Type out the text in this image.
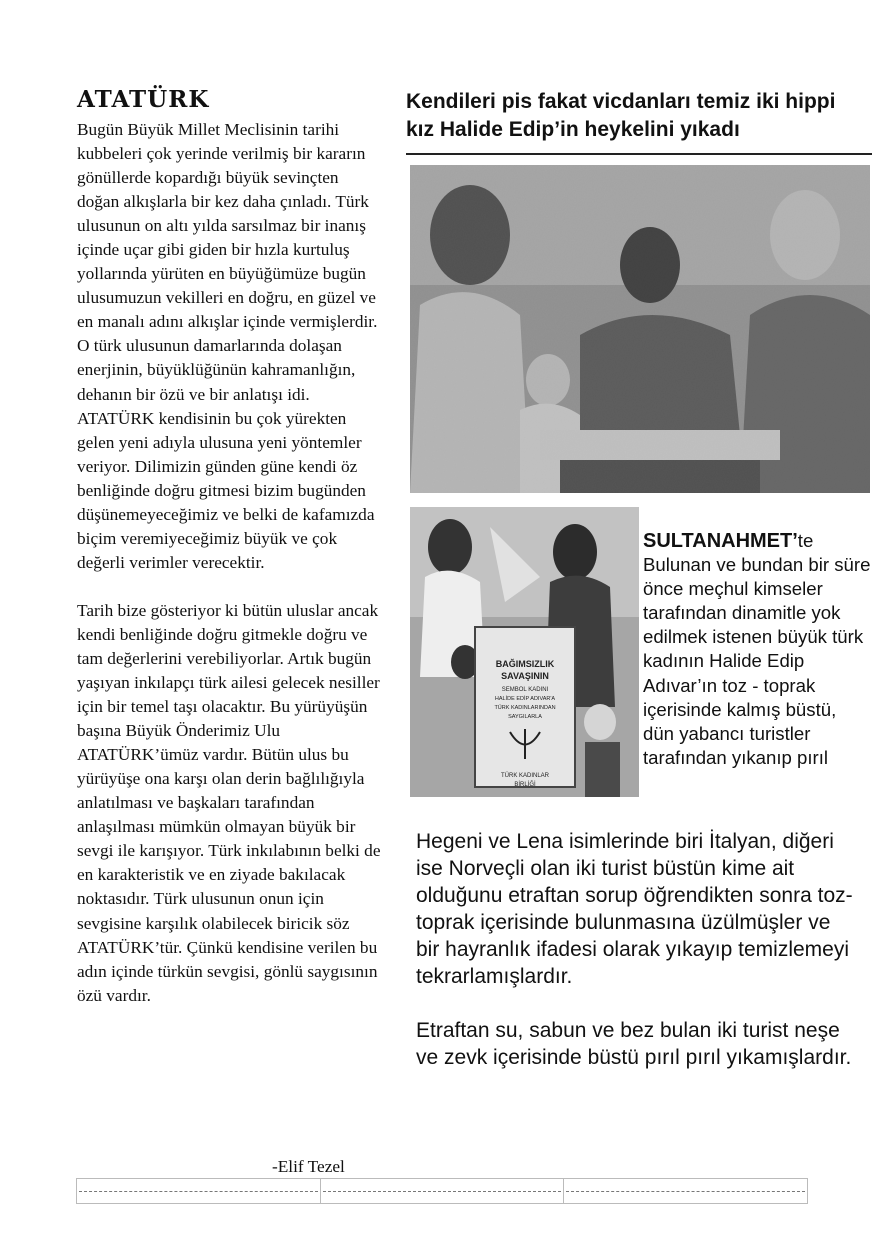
ATATÜRK

Bugün Büyük Millet Meclisinin tarihi kubbeleri çok yerinde verilmiş bir kararın gönüllerde kopardığı büyük sevinçten doğan alkışlarla bir kez daha çınladı. Türk ulusunun on altı yılda sarsılmaz bir inanış içinde uçar gibi giden bir hızla kurtuluş yollarında yürüten en büyüğümüze bugün ulusumuzun vekilleri en doğru, en güzel ve en manalı adını alkışlar içinde vermişlerdir. O türk ulusunun damarlarında dolaşan enerjinin, büyüklüğünün kahramanlığın, dehanın bir özü ve bir anlatışı idi. ATATÜRK kendisinin bu çok yürekten gelen yeni adıyla ulusuna yeni yöntemler veriyor. Dilimizin günden güne kendi öz benliğinde doğru gitmesi bizim bugünden düşünemeyeceğimiz ve belki de kafamızda biçim veremiyeceğimiz büyük ve çok değerli verimler verecektir.

Tarih bize gösteriyor ki bütün uluslar ancak kendi benliğinde doğru gitmekle doğru ve tam değerlerini verebiliyorlar. Artık bugün yaşıyan inkılapçı türk ailesi gelecek nesiller için bir temel taşı olacaktır. Bu yürüyüşün başına Büyük Önderimiz Ulu ATATÜRK’ümüz vardır. Bütün ulus bu yürüyüşe ona karşı olan derin bağlılığıyla anlatılması ve başkaları tarafından anlaşılması mümkün olmayan büyük bir sevgi ile karışıyor. Türk inkılabının belki de en karakteristik ve en ziyade bakılacak noktasıdır. Türk ulusunun onun için sevgisine karşılık olabilecek biricik söz ATATÜRK’tür. Çünkü kendisine verilen bu adın içinde türkün sevgisi, gönlü saygısının özü vardır.

-Elif Tezel
Kendileri pis fakat vicdanları temiz iki hippi kız Halide Edip’in heykelini yıkadı
BAĞIMSIZLIK
SAVAŞININ
SEMBOL KADINI
HALİDE EDİP ADIVAR'A
TÜRK KADINLARINDAN
SAYGILARLA
TÜRK KADINLAR
BİRLİĞİ
SULTANAHMET’te
Bulunan ve bundan bir süre önce meçhul kimseler tarafından dinamitle yok edilmek istenen büyük türk kadının Halide Edip Adıvar’ın toz - toprak içerisinde kalmış büstü, dün yabancı turistler tarafından yıkanıp pırıl

Hegeni ve Lena isimlerinde biri İtalyan, diğeri ise Norveçli olan iki turist büstün kime ait olduğunu etraftan sorup öğrendikten sonra toz-toprak içerisinde bulunmasına üzülmüşler ve bir hayranlık ifadesi olarak yıkayıp temizlemeyi tekrarlamışlardır.

Etraftan su, sabun ve bez bulan iki turist neşe ve zevk içerisinde büstü pırıl pırıl yıkamışlardır.
